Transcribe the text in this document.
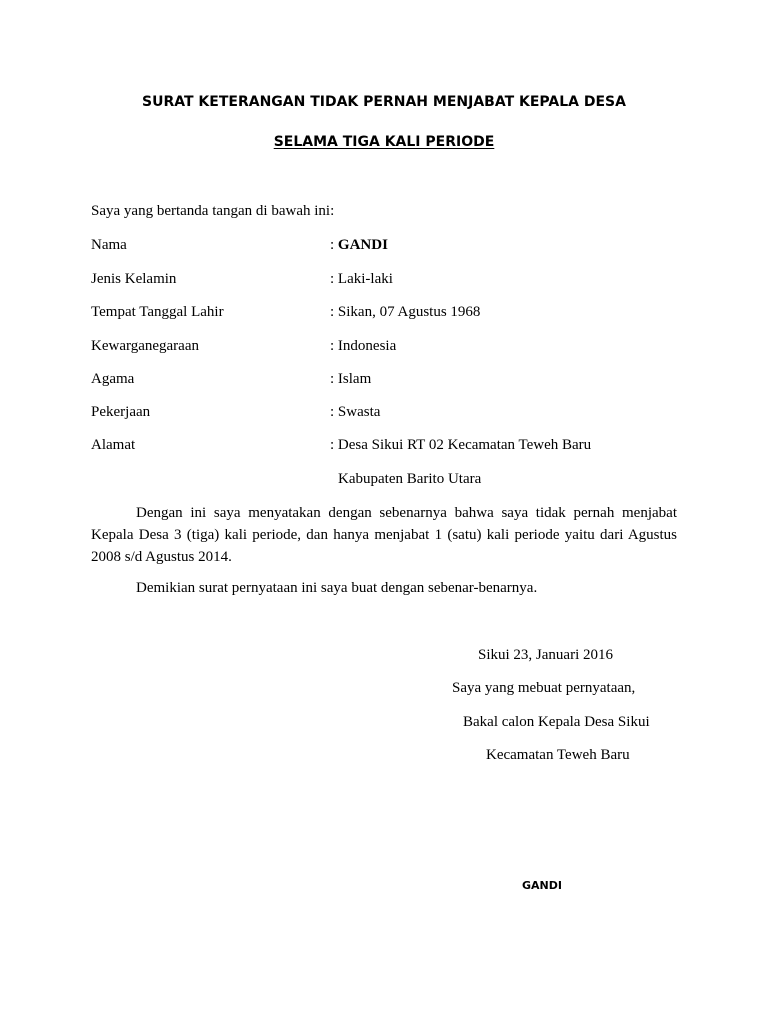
SURAT KETERANGAN TIDAK PERNAH MENJABAT KEPALA DESA
SELAMA TIGA KALI PERIODE
Saya yang bertanda tangan di bawah ini:
Nama	: GANDI
Jenis Kelamin	: Laki-laki
Tempat Tanggal Lahir	: Sikan, 07 Agustus 1968
Kewarganegaraan	: Indonesia
Agama	: Islam
Pekerjaan	: Swasta
Alamat	: Desa Sikui RT 02 Kecamatan Teweh Baru
Kabupaten Barito Utara
Dengan ini saya menyatakan dengan sebenarnya bahwa saya tidak pernah menjabat Kepala Desa 3 (tiga) kali periode, dan hanya menjabat 1 (satu) kali periode yaitu dari Agustus 2008 s/d Agustus 2014.
Demikian surat pernyataan ini saya buat dengan sebenar-benarnya.
Sikui 23, Januari 2016
Saya yang mebuat pernyataan,
Bakal calon Kepala Desa Sikui
Kecamatan Teweh Baru
GANDI
